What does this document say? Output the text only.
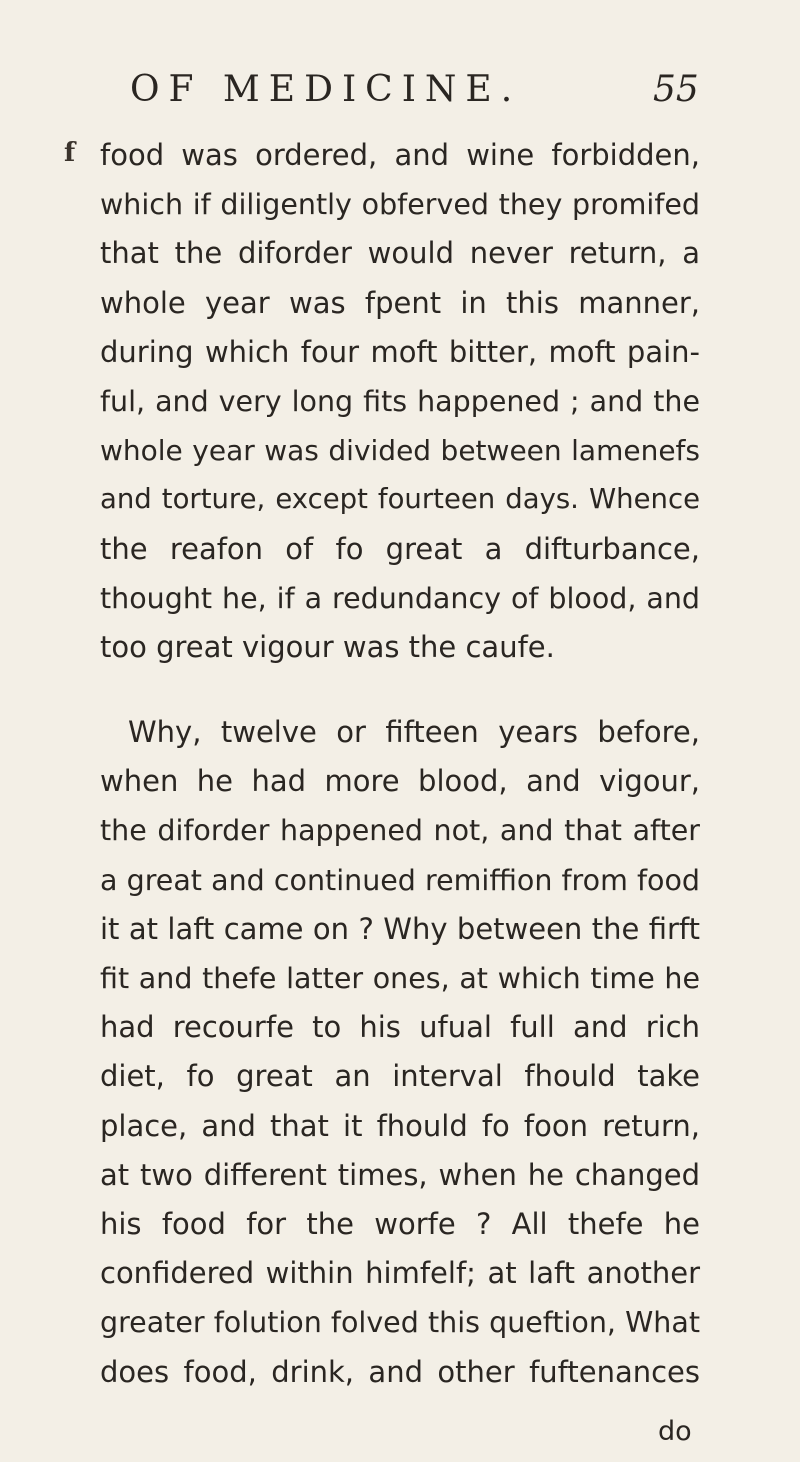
OF MEDICINE.	55
f food was ordered, and wine forbidden,
which if diligently obferved they promifed
that the diforder would never return, a
whole year was fpent in this manner,
during which four moft bitter, moft pain-
ful, and very long fits happened ; and the
whole year was divided between lamenefs
and torture, except fourteen days. Whence
the reafon of fo great a difturbance,
thought he, if a redundancy of blood, and
too great vigour was the caufe.
Why, twelve or fifteen years before,
when he had more blood, and vigour,
the diforder happened not, and that after
a great and continued remiffion from food
it at laft came on ? Why between the firft
fit and thefe latter ones, at which time he
had recourfe to his ufual full and rich
diet, fo great an interval fhould take
place, and that it fhould fo foon return,
at two different times, when he changed
his food for the worfe ? All thefe he
confidered within himfelf; at laft another
greater folution folved this queftion, What
does food, drink, and other fuftenances
do
